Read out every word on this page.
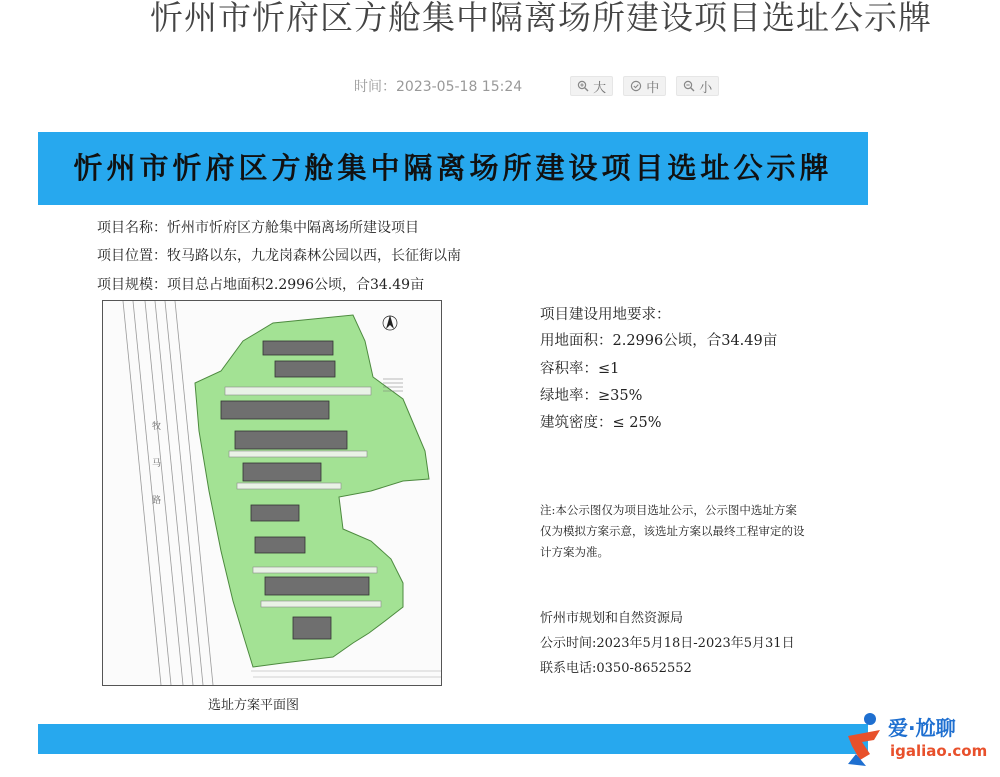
忻州市忻府区方舱集中隔离场所建设项目选址公示牌
时间：2023-05-18 15:24	大	中	小
忻州市忻府区方舱集中隔离场所建设项目选址公示牌
项目名称：忻州市忻府区方舱集中隔离场所建设项目
项目位置：牧马路以东，九龙岗森林公园以西，长征街以南
项目规模：项目总占地面积2.2996公顷，合34.49亩
牧马路
选址方案平面图
项目建设用地要求：
用地面积：2.2996公顷，合34.49亩
容积率：≤1
绿地率：≥35%
建筑密度：≤ 25%
注:本公示图仅为项目选址公示，公示图中选址方案仅为模拟方案示意，该选址方案以最终工程审定的设计方案为准。
忻州市规划和自然资源局
公示时间:2023年5月18日-2023年5月31日
联系电话:0350-8652552
爱·尬聊
igaliao.com
